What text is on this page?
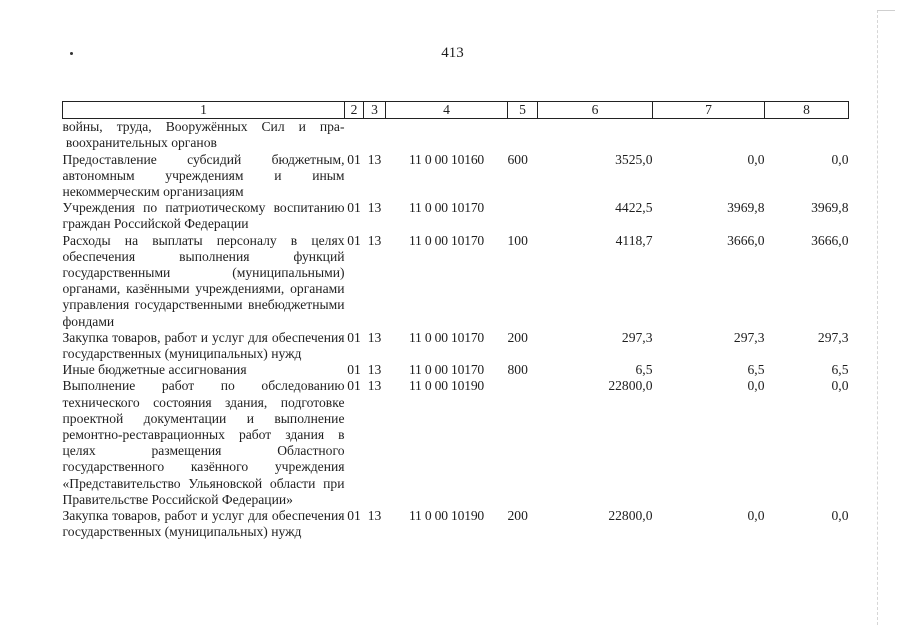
413
1	2	3	4	5	6	7	8
войны, труда, Вооружённых Сил и пра- воохранительных органов							
Предоставление субсидий бюджетным, автономным учреждениям и иным некоммерческим организациям	01	13	11 0 00 10160	600	3525,0	0,0	0,0
Учреждения по патриотическому воспитанию граждан Российской Федерации	01	13	11 0 00 10170		4422,5	3969,8	3969,8
Расходы на выплаты персоналу в целях обеспечения выполнения функций государственными (муниципальными) органами, казёнными учреждениями, органами управления государственными внебюджетными фондами	01	13	11 0 00 10170	100	4118,7	3666,0	3666,0
Закупка товаров, работ и услуг для обеспечения государственных (муниципальных) нужд	01	13	11 0 00 10170	200	297,3	297,3	297,3
Иные бюджетные ассигнования	01	13	11 0 00 10170	800	6,5	6,5	6,5
Выполнение работ по обследованию технического состояния здания, подготовке проектной документации и выполнение ремонтно-реставрационных работ здания в целях размещения Областного государственного казённого учреждения «Представительство Ульяновской области при Правительстве Российской Федерации»	01	13	11 0 00 10190		22800,0	0,0	0,0
Закупка товаров, работ и услуг для обеспечения государственных (муниципальных) нужд	01	13	11 0 00 10190	200	22800,0	0,0	0,0
